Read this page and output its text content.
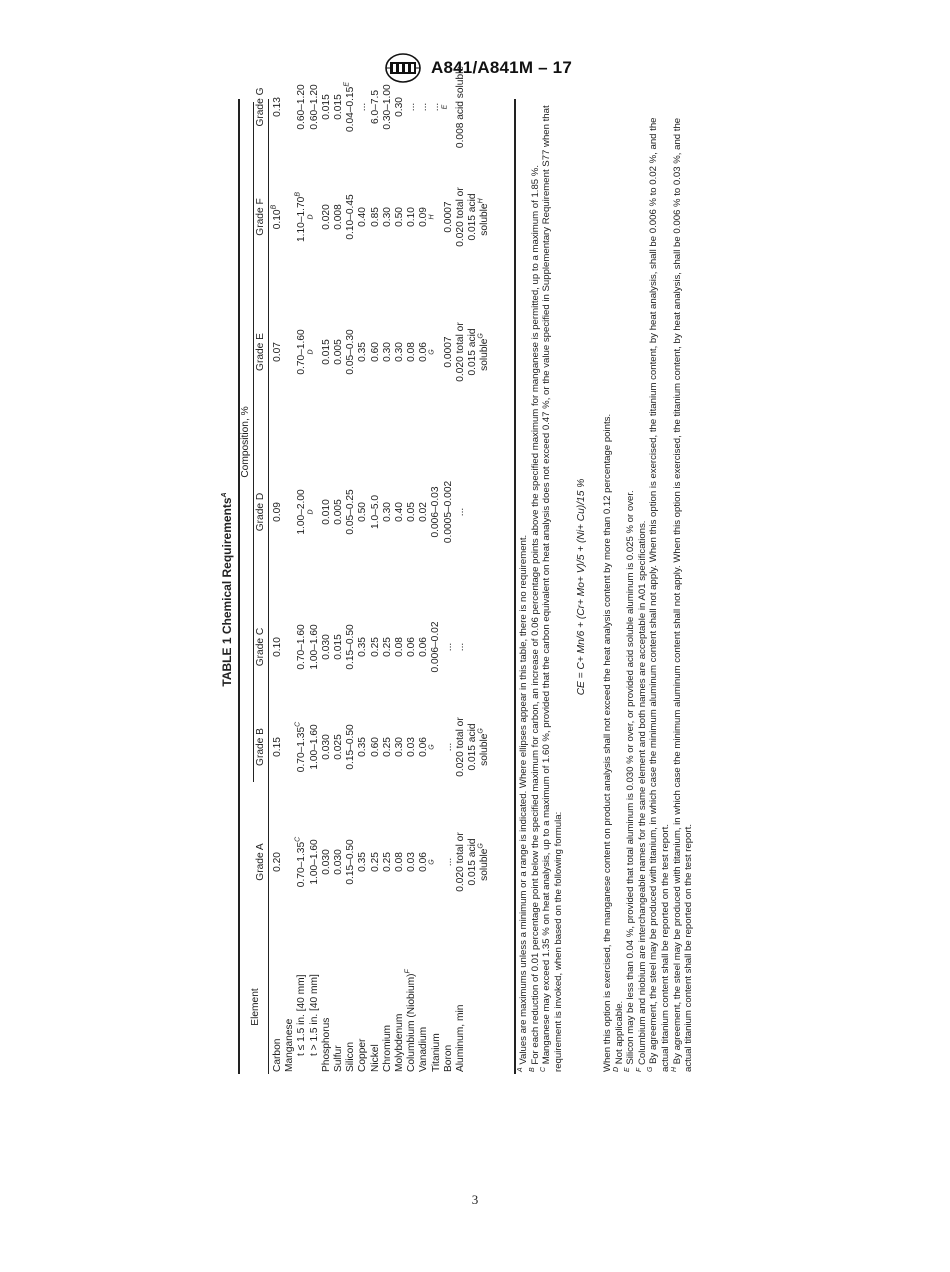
A841/A841M – 17
TABLE 1 Chemical Requirements$^A$
Element
Composition, %
Grade A
Grade B
Grade C
Grade D
Grade E
Grade F
Grade G
Carbon Manganese t ≤ 1.5 in. [40 mm] t > 1.5 in. [40 mm] Phosphorus Sulfur Silicon Copper Nickel Chromium Molybdenum Columbium (Niobium)$^F$
Vanadium Titanium Boron Aluminum, min
0.20 $0.70-1.35^C$ 1.00–1.60 0.030 0.030 0.15–0.50 0.35 0.25 0.25 0.08 0.03 0.06 $^G$ ... 0.020 total or 0.015 acid soluble$^G$
0.15 $0.70-1.35^C$ 1.00–1.60 0.030 0.025 0.15–0.50 0.35 0.60 0.25 0.30 0.03 0.06 $^G$ ... 0.020 total or 0.015 acid soluble$^G$
0.10 0.70–1.60 1.00–1.60 0.030 0.015 0.15–0.50 0.35 0.25 0.25 0.08 0.06 0.06 0.006–0.02 ... ...
0.09 1.00–2.00 $^D$ 0.010 0.005 0.05–0.25 0.50 1.0–5.0 0.30 0.40 0.05 0.02 0.006–0.03 0.0005–0.002 ...
0.07 0.70–1.60 $^D$ 0.015 0.005 0.05–0.30 0.35 0.60 0.30 0.30 0.08 0.06 $^G$ 0.0007 0.020 total or 0.015 acid soluble$^G$
$0.10^B$	$1.10-1.70^B$
$^D$ 0.020 0.008 0.10–0.45 0.40 0.85 0.30 0.50 0.10 0.09 $^H$ 0.0007 0.020 total or 0.015 acid soluble$^H$
0.13 0.60–1.20 0.60–1.20 0.015 0.015 $0.04-0.15^E$
... 6.0–7.5 0.30–1.00 0.30 ... ... ... $^E$ 0.008 acid soluble

$^A$ Values are maximums unless a minimum or a range is indicated. Where ellipses appear in this table, there is no requirement.

$^B$ For each reduction of 0.01 percentage point below the specified maximum for carbon, an increase of 0.06 percentage points above the specified maximum for manganese is permitted, up to a maximum of 1.85 %.

$^C$ Manganese may exceed 1.35 % on heat analysis, up to a maximum of 1.60 %, provided that the carbon equivalent on heat analysis does not exceed 0.47 %, or the value specified in Supplementary Requirement S77 when that requirement is invoked, when based on the following formula:

CE = C+ Mn/6 + (Cr+ Mo+ V)/5 + (Ni+ Cu)/15 % When this option is exercised, the manganese content on product analysis shall not exceed the heat analysis content by more than 0.12 percentage points. $^D$ Not applicable.

$^E$ Silicon may be less than 0.04 %, provided that total aluminum is 0.030 % or over, or provided acid soluble aluminum is 0.025 % or over.

$^F$ Columbium and niobium are interchangeable names for the same element and both names are acceptable in A01 specifications.

$^G$ By agreement, the steel may be produced with titanium, in which case the minimum aluminum content shall not apply. When this option is exercised, the titanium content, by heat analysis, shall be 0.006 % to 0.02 %, and the actual titanium content shall be reported on the test report. $^H$ By agreement, the steel may be produced with titanium, in which case the minimum aluminum content shall not apply. When this option is exercised, the titanium content, by heat analysis, shall be 0.006 % to 0.03 %, and the actual titanium content shall be reported on the test report.

3
